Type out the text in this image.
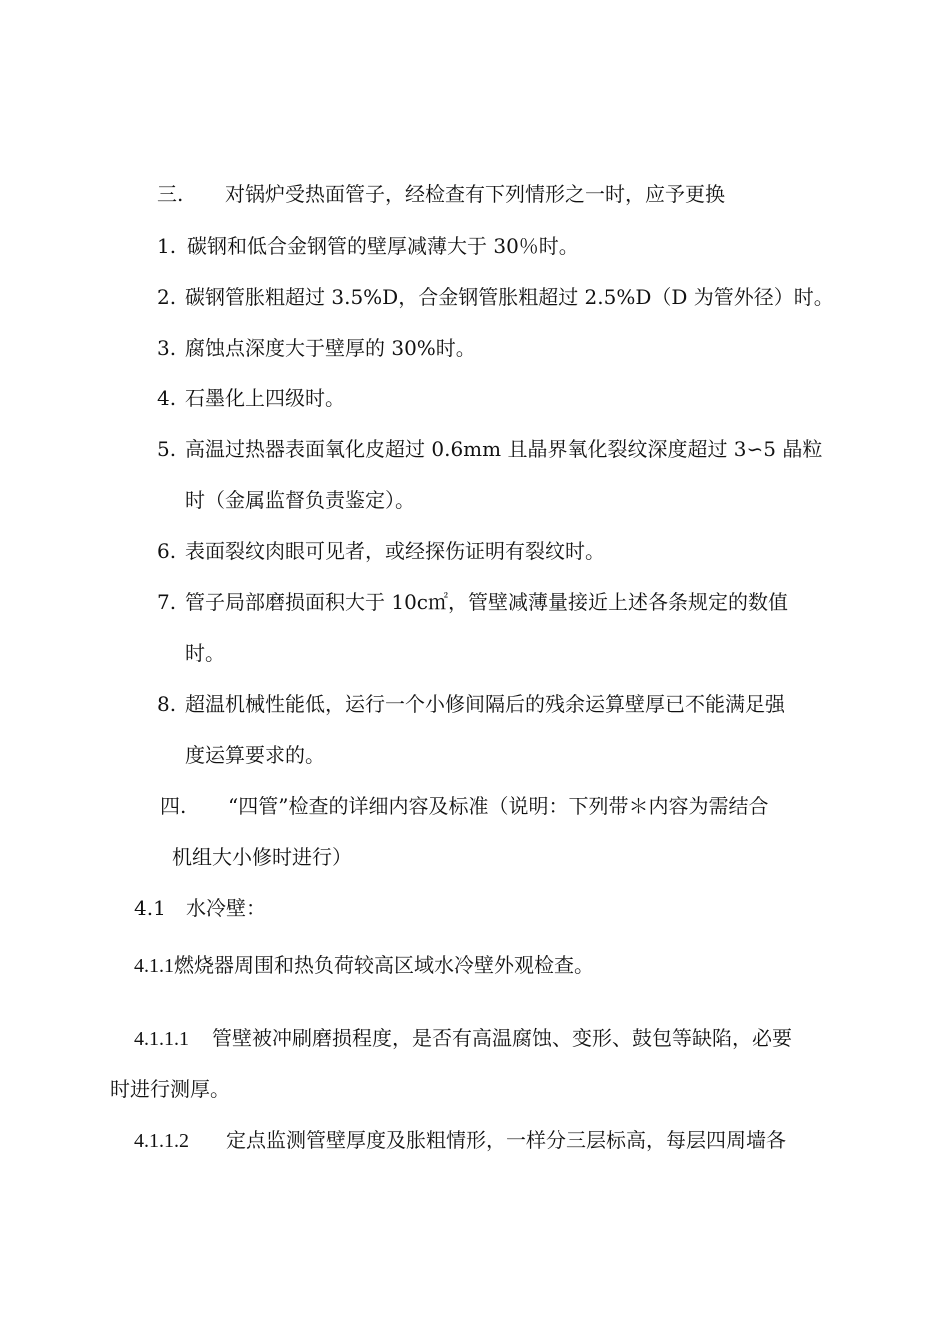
三. 对锅炉受热面管子，经检查有下列情形之一时，应予更换
1. 碳钢和低合金钢管的壁厚减薄大于 30％时。
2. 碳钢管胀粗超过 3.5%D，合金钢管胀粗超过 2.5%D（D 为管外径）时。
3. 腐蚀点深度大于壁厚的 30%时。
4. 石墨化上四级时。
5. 高温过热器表面氧化皮超过 0.6mm 且晶界氧化裂纹深度超过 3∽5 晶粒
时（金属监督负责鉴定）。
6. 表面裂纹肉眼可见者，或经探伤证明有裂纹时。
7. 管子局部磨损面积大于 10c㎡，管壁减薄量接近上述各条规定的数值
时。
8. 超温机械性能低，运行一个小修间隔后的残余运算壁厚已不能满足强
度运算要求的。
四. “四管”检查的详细内容及标准（说明：下列带＊内容为需结合
机组大小修时进行）
4.1 水冷壁：
4.1.1燃烧器周围和热负荷较高区域水冷壁外观检查。
4.1.1.1 管壁被冲刷磨损程度，是否有高温腐蚀、变形、鼓包等缺陷，必要
时进行测厚。
4.1.1.2 定点监测管壁厚度及胀粗情形，一样分三层标高，每层四周墙各
